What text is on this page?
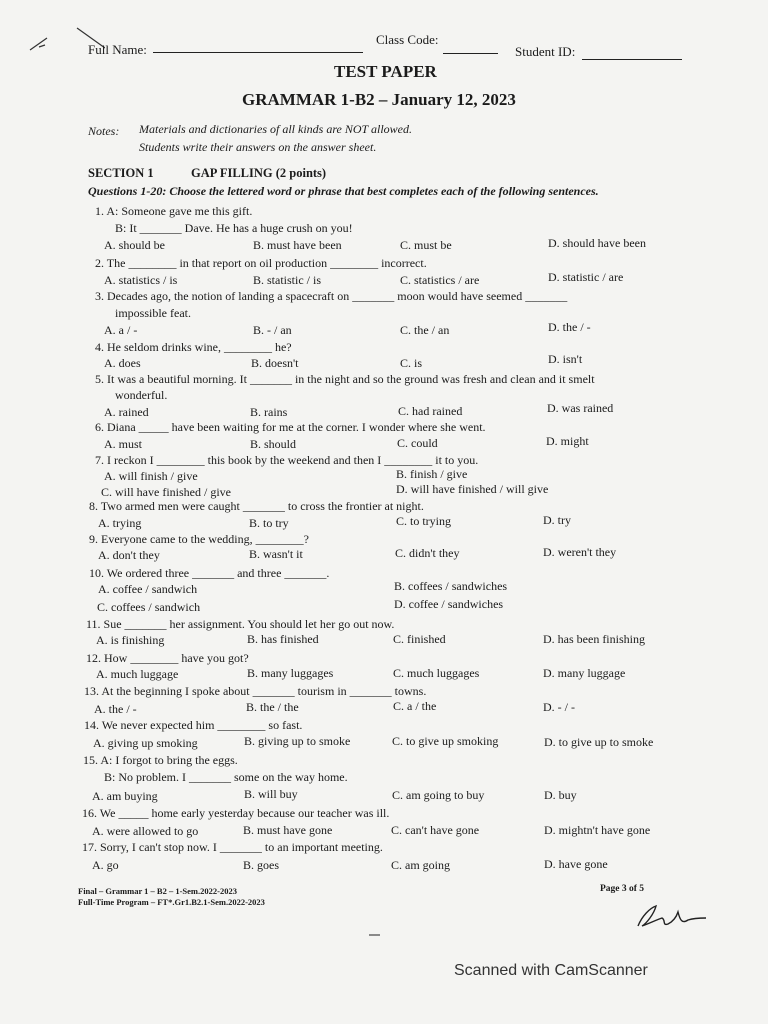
Full Name:
Class Code:
Student ID:
TEST PAPER
GRAMMAR 1-B2 – January 12, 2023
Notes: Materials and dictionaries of all kinds are NOT allowed.
Students write their answers on the answer sheet.
SECTION 1	GAP FILLING (2 points)
Questions 1-20: Choose the lettered word or phrase that best completes each of the following sentences.
1. A: Someone gave me this gift.
B: It _______ Dave. He has a huge crush on you!
A. should be	B. must have been	C. must be	D. should have been
2. The ________ in that report on oil production ________ incorrect.
A. statistics / is	B. statistic / is	C. statistics / are	D. statistic / are
3. Decades ago, the notion of landing a spacecraft on _______ moon would have seemed _______
impossible feat.
A. a / -	B. - / an	C. the / an	D. the / -
4. He seldom drinks wine, ________ he?
A. does	B. doesn't	C. is	D. isn't
5. It was a beautiful morning. It _______ in the night and so the ground was fresh and clean and it smelt
wonderful.
A. rained	B. rains	C. had rained	D. was rained
6. Diana _____ have been waiting for me at the corner. I wonder where she went.
A. must	B. should	C. could	D. might
7. I reckon I ________ this book by the weekend and then I ________ it to you.
A. will finish / give	B. finish / give
C. will have finished / give	D. will have finished / will give
8. Two armed men were caught _______ to cross the frontier at night.
A. trying	B. to try	C. to trying	D. try
9. Everyone came to the wedding, ________?
A. don't they	B. wasn't it	C. didn't they	D. weren't they
10. We ordered three _______ and three _______.
A. coffee / sandwich	B. coffees / sandwiches
C. coffees / sandwich	D. coffee / sandwiches
11. Sue _______ her assignment. You should let her go out now.
A. is finishing	B. has finished	C. finished	D. has been finishing
12. How ________ have you got?
A. much luggage	B. many luggages	C. much luggages	D. many luggage
13. At the beginning I spoke about _______ tourism in _______ towns.
A. the / -	B. the / the	C. a / the	D. - / -
14. We never expected him ________ so fast.
A. giving up smoking	B. giving up to smoke	C. to give up smoking	D. to give up to smoke
15. A: I forgot to bring the eggs.
B: No problem. I _______ some on the way home.
A. am buying	B. will buy	C. am going to buy	D. buy
16. We _____ home early yesterday because our teacher was ill.
A. were allowed to go	B. must have gone	C. can't have gone	D. mightn't have gone
17. Sorry, I can't stop now. I _______ to an important meeting.
A. go	B. goes	C. am going	D. have gone
Final – Grammar 1 – B2 – 1-Sem.2022-2023
Full-Time Program – FT*.Gr1.B2.1-Sem.2022-2023
Page 3 of 5
Scanned with CamScanner
